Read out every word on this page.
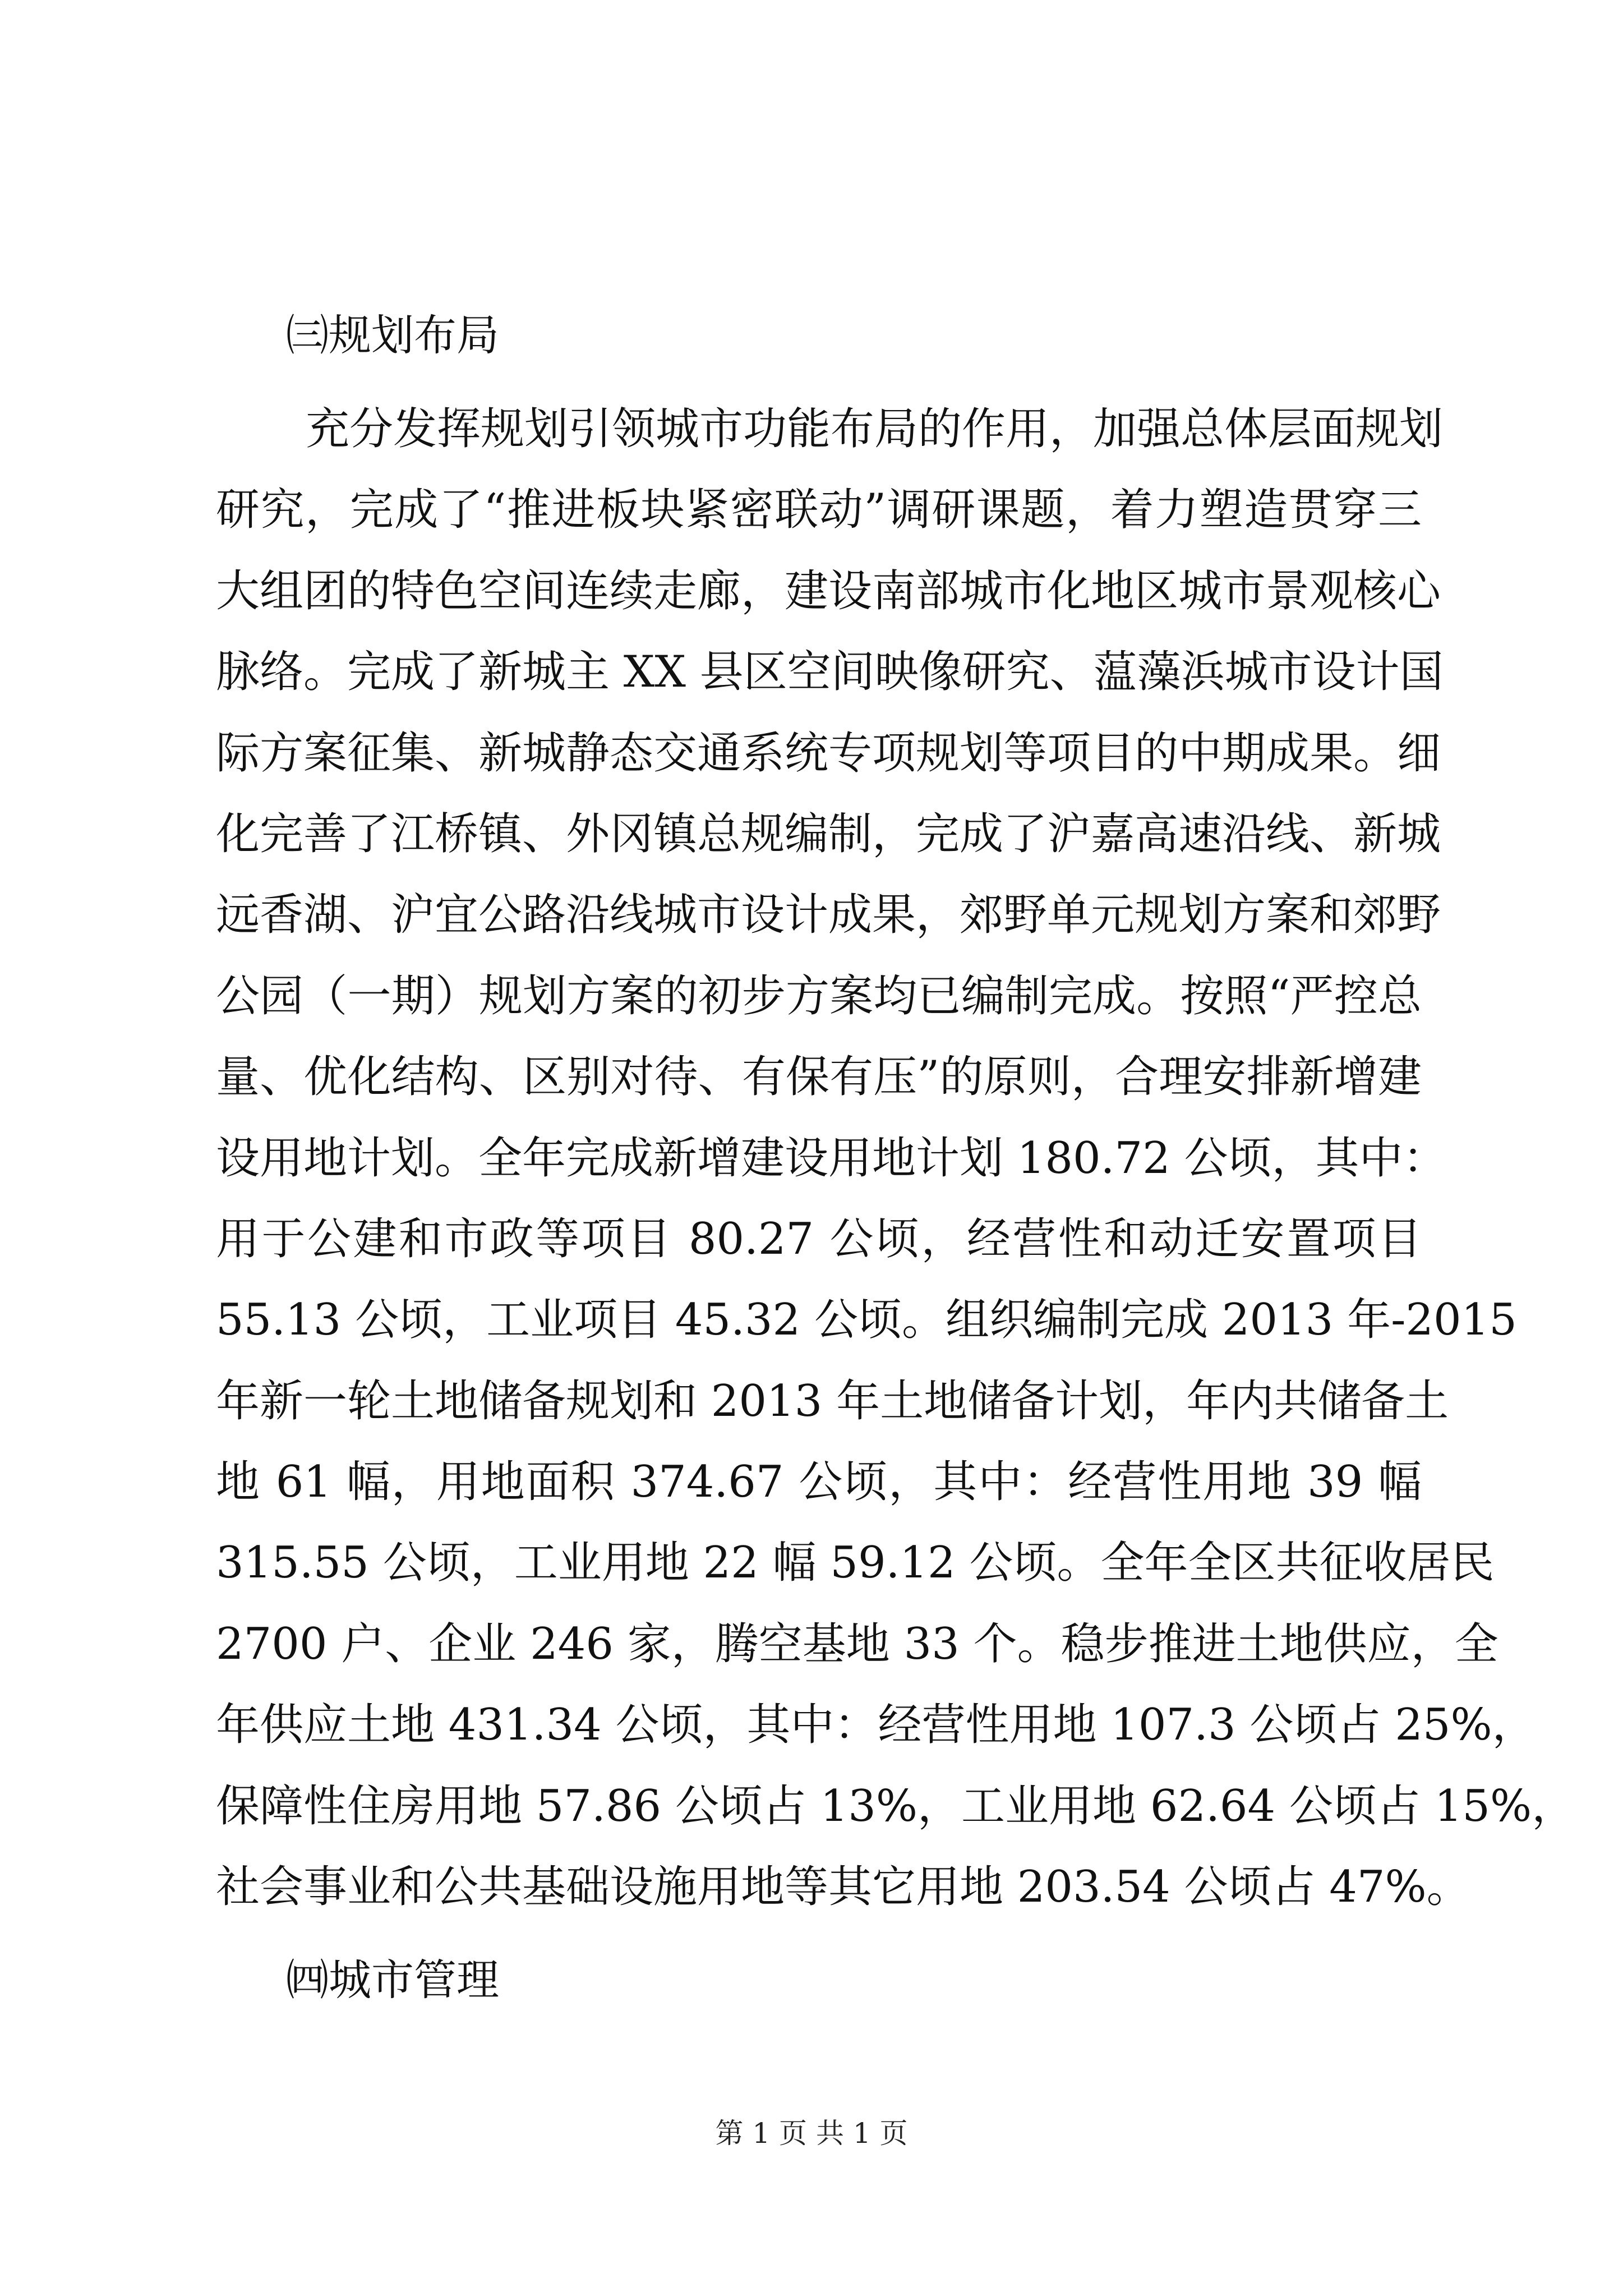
㈢规划布局
充分发挥规划引领城市功能布局的作用，加强总体层面规划
研究，完成了“推进板块紧密联动”调研课题，着力塑造贯穿三
大组团的特色空间连续走廊，建设南部城市化地区城市景观核心
脉络。完成了新城主 XX 县区空间映像研究、蕰藻浜城市设计国
际方案征集、新城静态交通系统专项规划等项目的中期成果。细
化完善了江桥镇、外冈镇总规编制，完成了沪嘉高速沿线、新城
远香湖、沪宜公路沿线城市设计成果，郊野单元规划方案和郊野
公园（一期）规划方案的初步方案均已编制完成。按照“严控总
量、优化结构、区别对待、有保有压”的原则，合理安排新增建
设用地计划。全年完成新增建设用地计划 180.72 公顷，其中：
用于公建和市政等项目 80.27 公顷，经营性和动迁安置项目
55.13 公顷，工业项目 45.32 公顷。组织编制完成 2013 年-2015
年新一轮土地储备规划和 2013 年土地储备计划，年内共储备土
地 61 幅，用地面积 374.67 公顷，其中：经营性用地 39 幅
315.55 公顷，工业用地 22 幅 59.12 公顷。全年全区共征收居民
2700 户、企业 246 家，腾空基地 33 个。稳步推进土地供应，全
年供应土地 431.34 公顷，其中：经营性用地 107.3 公顷占 25%，
保障性住房用地 57.86 公顷占 13%，工业用地 62.64 公顷占 15%，
社会事业和公共基础设施用地等其它用地 203.54 公顷占 47%。
㈣城市管理
第 1 页 共 1 页
